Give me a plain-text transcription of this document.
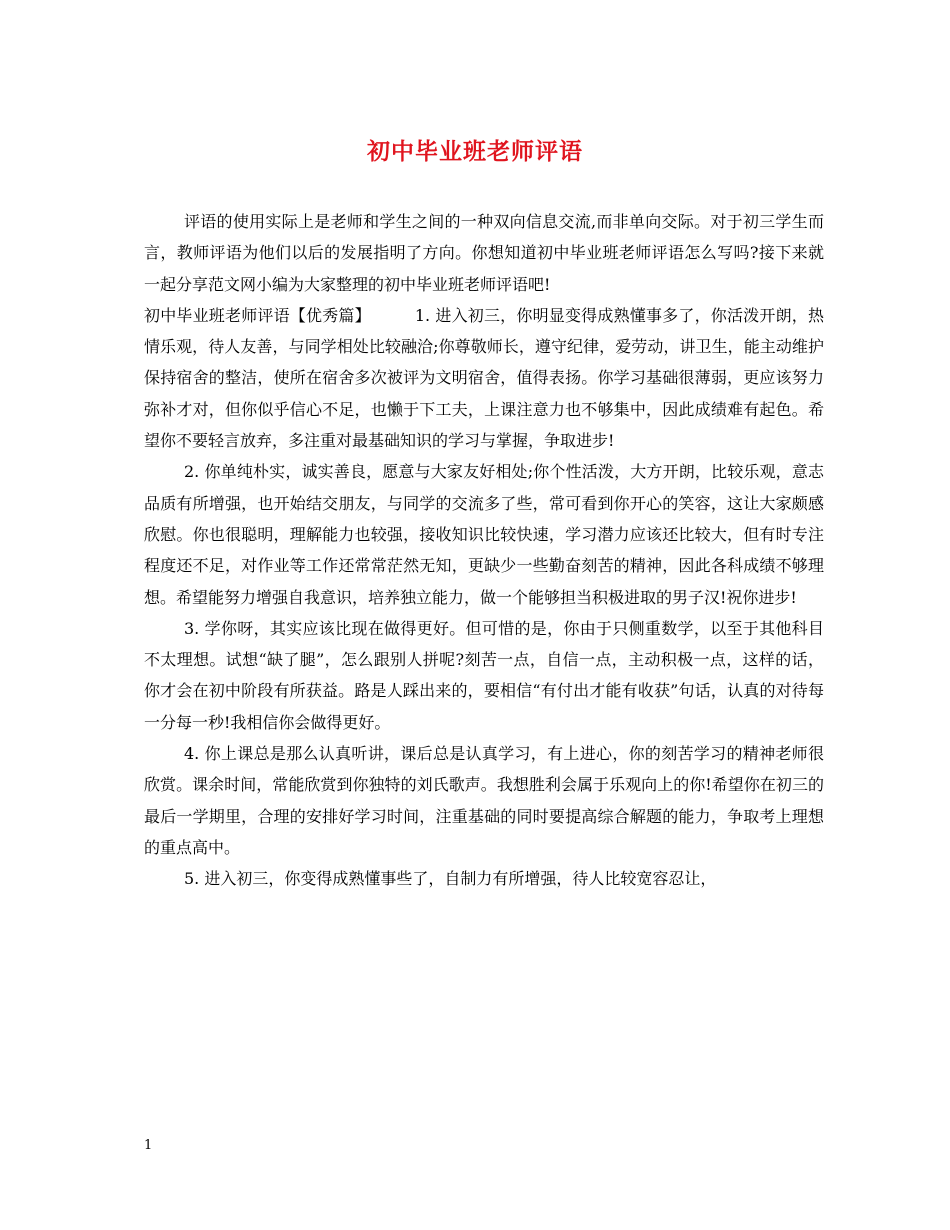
初中毕业班老师评语

评语的使用实际上是老师和学生之间的一种双向信息交流,而非单向交际。对于初三学生而言，教师评语为他们以后的发展指明了方向。你想知道初中毕业班老师评语怎么写吗?接下来就一起分享范文网小编为大家整理的初中毕业班老师评语吧!

初中毕业班老师评语【优秀篇】	1. 进入初三，你明显变得成熟懂事多了，你活泼开朗，热情乐观，待人友善，与同学相处比较融洽;你尊敬师长，遵守纪律，爱劳动，讲卫生，能主动维护保持宿舍的整洁，使所在宿舍多次被评为文明宿舍，值得表扬。你学习基础很薄弱，更应该努力弥补才对，但你似乎信心不足，也懒于下工夫，上课注意力也不够集中，因此成绩难有起色。希望你不要轻言放弃，多注重对最基础知识的学习与掌握，争取进步!

2. 你单纯朴实，诚实善良，愿意与大家友好相处;你个性活泼，大方开朗，比较乐观，意志品质有所增强，也开始结交朋友，与同学的交流多了些，常可看到你开心的笑容，这让大家颇感欣慰。你也很聪明，理解能力也较强，接收知识比较快速，学习潜力应该还比较大，但有时专注程度还不足，对作业等工作还常常茫然无知，更缺少一些勤奋刻苦的精神，因此各科成绩不够理想。希望能努力增强自我意识，培养独立能力，做一个能够担当积极进取的男子汉!祝你进步!

3. 学你呀，其实应该比现在做得更好。但可惜的是，你由于只侧重数学，以至于其他科目不太理想。试想“缺了腿”，怎么跟别人拼呢?刻苦一点，自信一点，主动积极一点，这样的话，你才会在初中阶段有所获益。路是人踩出来的，要相信“有付出才能有收获”句话，认真的对待每一分每一秒!我相信你会做得更好。

4. 你上课总是那么认真听讲，课后总是认真学习，有上进心，你的刻苦学习的精神老师很欣赏。课余时间，常能欣赏到你独特的刘氏歌声。我想胜利会属于乐观向上的你!希望你在初三的最后一学期里，合理的安排好学习时间，注重基础的同时要提高综合解题的能力，争取考上理想的重点高中。

5. 进入初三，你变得成熟懂事些了，自制力有所增强，待人比较宽容忍让，

1
